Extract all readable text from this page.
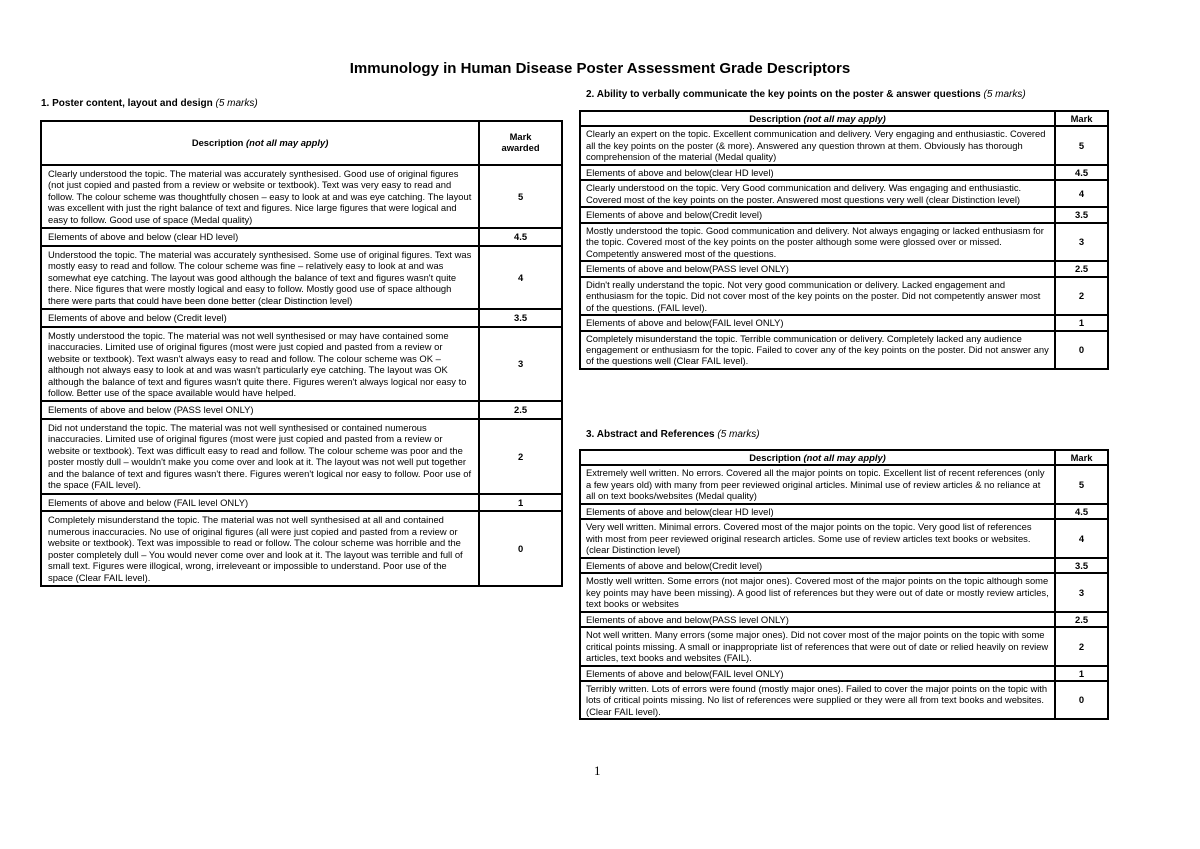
Immunology in Human Disease Poster Assessment Grade Descriptors
1. Poster content, layout and design (5 marks)
Description (not all may apply)	Mark
awarded

Clearly understood the topic. The material was accurately synthesised. Good use of original figures (not just copied and pasted from a review or website or textbook). Text was very easy to read and follow. The colour scheme was thoughtfully chosen – easy to look at and was eye catching. The layout was excellent with just the right balance of text and figures. Nice large figures that were logical and easy to follow. Good use of space (Medal quality)	5
Elements of above and below (clear HD level)	4.5
Understood the topic. The material was accurately synthesised. Some use of original figures. Text was mostly easy to read and follow. The colour scheme was fine – relatively easy to look at and was somewhat eye catching. The layout was good although the balance of text and figures wasn't quite there. Nice figures that were mostly logical and easy to follow. Mostly good use of space although there were parts that could have been done better (clear Distinction level)	4
Elements of above and below (Credit level)	3.5
Mostly understood the topic. The material was not well synthesised or may have contained some inaccuracies. Limited use of original figures (most were just copied and pasted from a review or website or textbook). Text wasn't always easy to read and follow. The colour scheme was OK – although not always easy to look at and was wasn't particularly eye catching. The layout was OK although the balance of text and figures wasn't quite there. Figures weren't always logical nor easy to follow. Better use of the space available would have helped.	3
Elements of above and below (PASS level ONLY)	2.5
Did not understand the topic. The material was not well synthesised or contained numerous inaccuracies. Limited use of original figures (most were just copied and pasted from a review or website or textbook). Text was difficult easy to read and follow. The colour scheme was poor and the poster mostly dull – wouldn't make you come over and look at it. The layout was not well put together and the balance of text and figures wasn't there. Figures weren't logical nor easy to follow. Poor use of the space (FAIL level).	2
Elements of above and below (FAIL level ONLY)	1
Completely misunderstand the topic. The material was not well synthesised at all and contained numerous inaccuracies. No use of original figures (all were just copied and pasted from a review or website or textbook). Text was impossible to read or follow. The colour scheme was horrible and the poster completely dull – You would never come over and look at it. The layout was terrible and full of small text. Figures were illogical, wrong, irreleveant or impossible to understand. Poor use of the space (Clear FAIL level).	0
2. Ability to verbally communicate the key points on the poster & answer questions (5 marks)
Description (not all may apply)	Mark
Clearly an expert on the topic. Excellent communication and delivery. Very engaging and enthusiastic. Covered all the key points on the poster (& more). Answered any question thrown at them. Obviously has thorough comprehension of the material (Medal quality)	5
Elements of above and below(clear HD level)	4.5
Clearly understood on the topic. Very Good communication and delivery. Was engaging and enthusiastic. Covered most of the key points on the poster. Answered most questions very well (clear Distinction level)	4
Elements of above and below(Credit level)	3.5
Mostly understood the topic. Good communication and delivery. Not always engaging or lacked enthusiasm for the topic. Covered most of the key points on the poster although some were glossed over or missed. Competently answered most of the questions.	3
Elements of above and below(PASS level ONLY)	2.5
Didn't really understand the topic. Not very good communication or delivery. Lacked engagement and enthusiasm for the topic. Did not cover most of the key points on the poster. Did not competently answer most of the questions. (FAIL level).	2
Elements of above and below(FAIL level ONLY)	1
Completely misunderstand the topic. Terrible communication or delivery. Completely lacked any audience engagement or enthusiasm for the topic. Failed to cover any of the key points on the poster. Did not answer any of the questions well (Clear FAIL level).	0
3. Abstract and References (5 marks)
Description (not all may apply)	Mark
Extremely well written. No errors. Covered all the major points on topic. Excellent list of recent references (only a few years old) with many from peer reviewed original articles. Minimal use of review articles & no reliance at all on text books/websites (Medal quality)	5
Elements of above and below(clear HD level)	4.5
Very well written. Minimal errors. Covered most of the major points on the topic. Very good list of references with most from peer reviewed original research articles. Some use of review articles text books or websites. (clear Distinction level)	4
Elements of above and below(Credit level)	3.5
Mostly well written. Some errors (not major ones). Covered most of the major points on the topic although some key points may have been missing). A good list of references but they were out of date or mostly review articles, text books or websites	3
Elements of above and below(PASS level ONLY)	2.5
Not well written. Many errors (some major ones). Did not cover most of the major points on the topic with some critical points missing. A small or inappropriate list of references that were out of date or relied heavily on review articles, text books and websites (FAIL).	2
Elements of above and below(FAIL level ONLY)	1
Terribly written. Lots of errors were found (mostly major ones). Failed to cover the major points on the topic with lots of critical points missing. No list of references were supplied or they were all from text books and websites. (Clear FAIL level).	0
1
